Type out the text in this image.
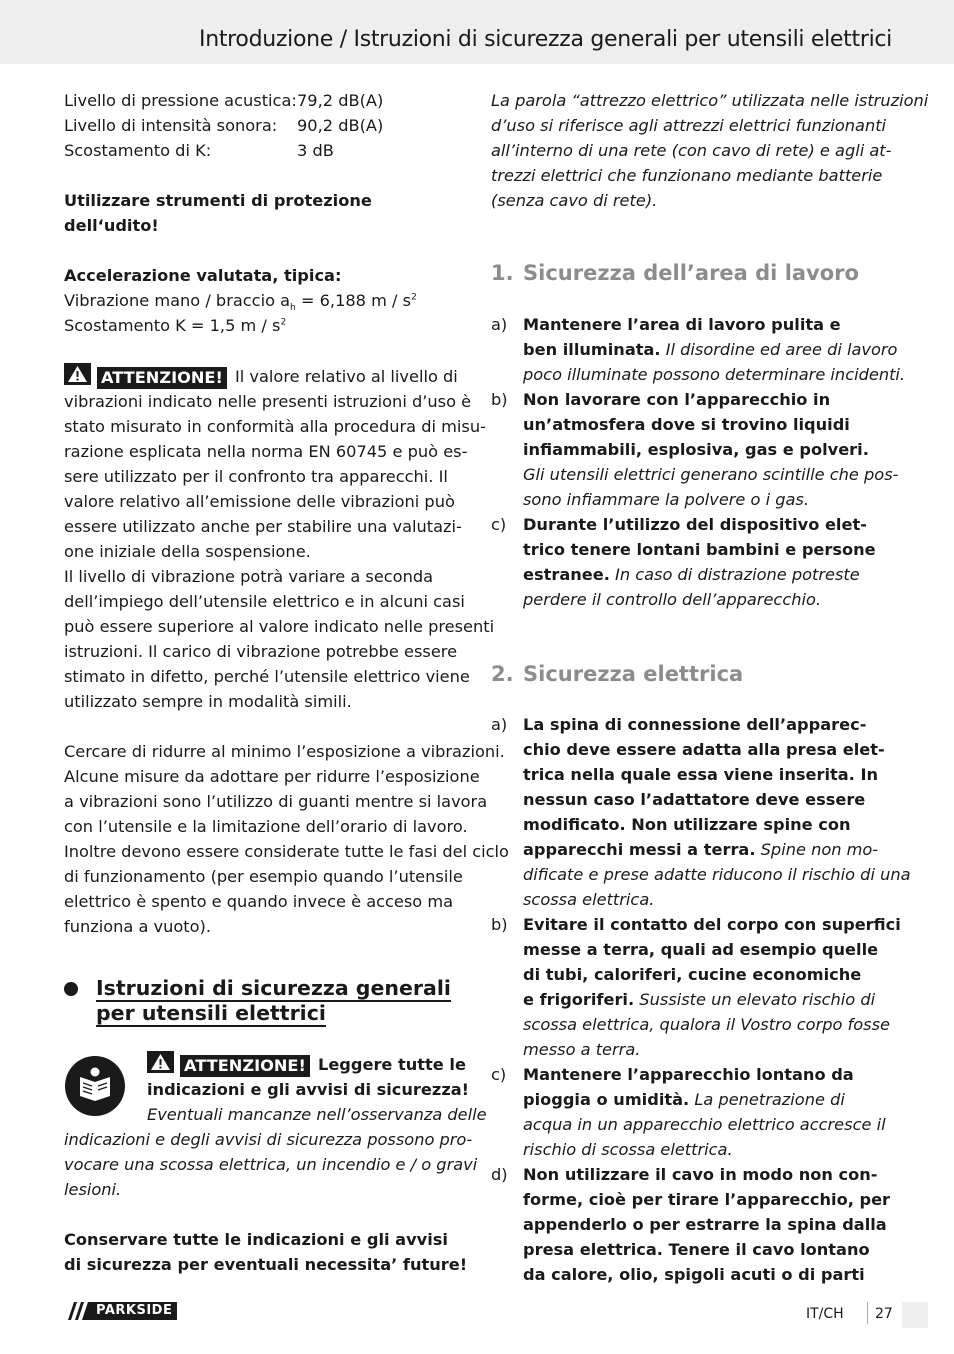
Introduzione / Istruzioni di sicurezza generali per utensili elettrici
Livello di pressione acustica: 79,2 dB(A)
Livello di intensità sonora:	90,2 dB(A)
Scostamento di K:	3 dB
Utilizzare strumenti di protezione
dell‘udito!
Accelerazione valutata, tipica:
Vibrazione mano / braccio $a_h = 6,188$ m / $s^2$
Scostamento K = 1,5 m / $s^2$
ATTENZIONE! Il valore relativo al livello di
vibrazioni indicato nelle presenti istruzioni d’uso è
stato misurato in conformità alla procedura di misu-
razione esplicata nella norma EN 60745 e può es-
sere utilizzato per il confronto tra apparecchi. Il
valore relativo all’emissione delle vibrazioni può
essere utilizzato anche per stabilire una valutazi-
one iniziale della sospensione.
Il livello di vibrazione potrà variare a seconda
dell’impiego dell’utensile elettrico e in alcuni casi
può essere superiore al valore indicato nelle presenti
istruzioni. Il carico di vibrazione potrebbe essere
stimato in difetto, perché l’utensile elettrico viene
utilizzato sempre in modalità simili.
Cercare di ridurre al minimo l’esposizione a vibrazioni.
Alcune misure da adottare per ridurre l’esposizione
a vibrazioni sono l’utilizzo di guanti mentre si lavora
con l’utensile e la limitazione dell’orario di lavoro.
Inoltre devono essere considerate tutte le fasi del ciclo
di funzionamento (per esempio quando l’utensile
elettrico è spento e quando invece è acceso ma
funziona a vuoto).
Istruzioni di sicurezza generali
per utensili elettrici
ATTENZIONE! Leggere tutte le
indicazioni e gli avvisi di sicurezza!
Eventuali mancanze nell’osservanza delle
indicazioni e degli avvisi di sicurezza possono pro-
vocare una scossa elettrica, un incendio e / o gravi
lesioni.
Conservare tutte le indicazioni e gli avvisi
di sicurezza per eventuali necessita’ future!
La parola “attrezzo elettrico” utilizzata nelle istruzioni
d’uso si riferisce agli attrezzi elettrici funzionanti
all’interno di una rete (con cavo di rete) e agli at-
trezzi elettrici che funzionano mediante batterie
(senza cavo di rete).
1. Sicurezza dell’area di lavoro
a) Mantenere l’area di lavoro pulita e
ben illuminata. Il disordine ed aree di lavoro
poco illuminate possono determinare incidenti.
b) Non lavorare con l’apparecchio in
un’atmosfera dove si trovino liquidi
infiammabili, esplosiva, gas e polveri.
Gli utensili elettrici generano scintille che pos-
sono infiammare la polvere o i gas.
c)	Durante l’utilizzo del dispositivo elet-
trico tenere lontani bambini e persone
estranee. In caso di distrazione potreste
perdere il controllo dell’apparecchio.
2. Sicurezza elettrica
a) La spina di connessione dell’apparec-
chio deve essere adatta alla presa elet-
trica nella quale essa viene inserita. In
nessun caso l’adattatore deve essere
modificato. Non utilizzare spine con
apparecchi messi a terra. Spine non mo-
dificate e prese adatte riducono il rischio di una
scossa elettrica.
b) Evitare il contatto del corpo con superfici
messe a terra, quali ad esempio quelle
di tubi, caloriferi, cucine economiche
e frigoriferi. Sussiste un elevato rischio di
scossa elettrica, qualora il Vostro corpo fosse
messo a terra.
c)	Mantenere l’apparecchio lontano da
pioggia o umidità. La penetrazione di
acqua in un apparecchio elettrico accresce il
rischio di scossa elettrica.
d) Non utilizzare il cavo in modo non con-
forme, cioè per tirare l’apparecchio, per
appenderlo o per estrarre la spina dalla
presa elettrica. Tenere il cavo lontano
da calore, olio, spigoli acuti o di parti
PARKSIDE	IT/CH 27
